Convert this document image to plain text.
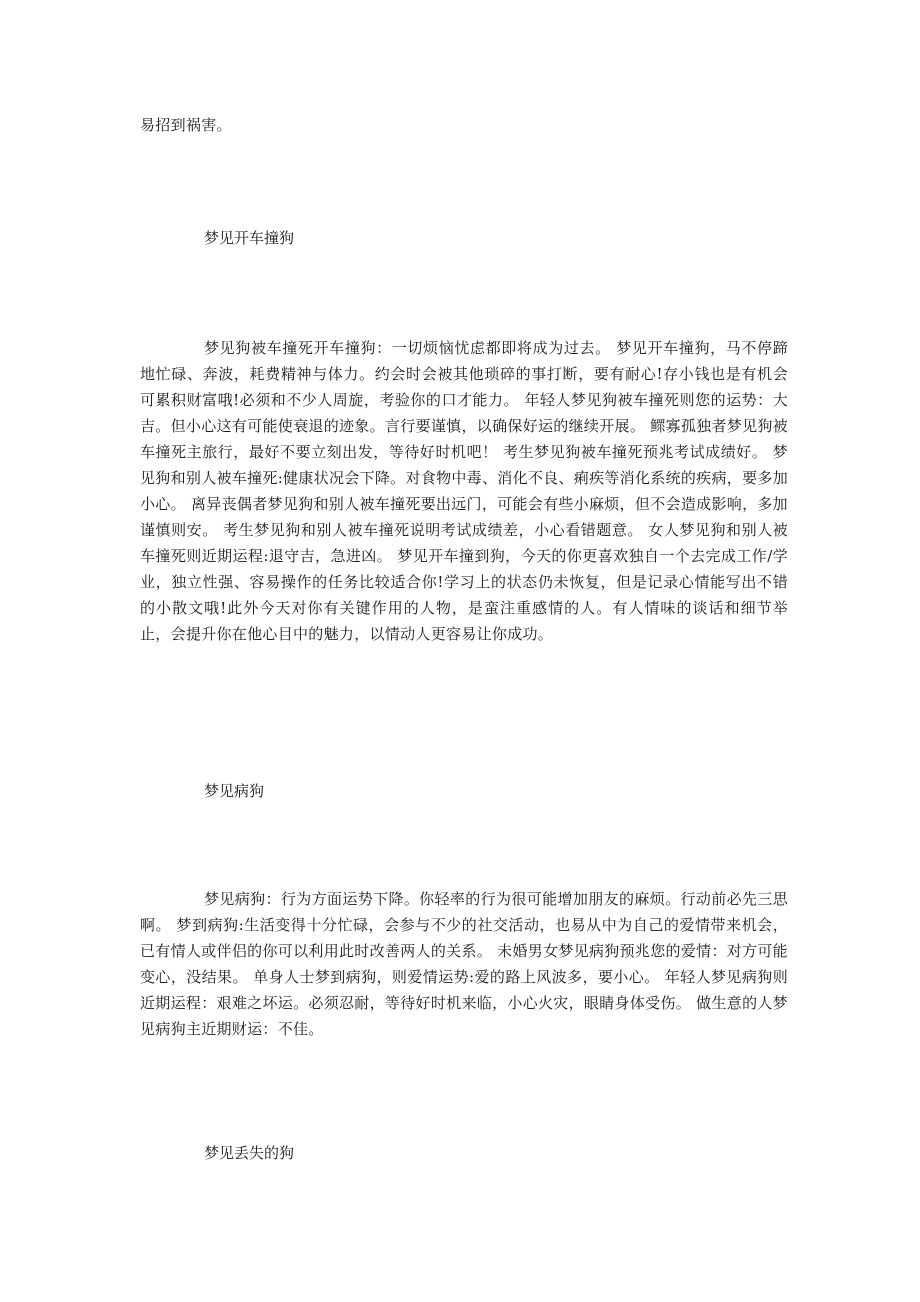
易招到祸害。

梦见开车撞狗

梦见狗被车撞死开车撞狗：一切烦恼忧虑都即将成为过去。 梦见开车撞狗，马不停蹄地忙碌、奔波，耗费精神与体力。约会时会被其他琐碎的事打断，要有耐心!存小钱也是有机会可累积财富哦!必须和不少人周旋，考验你的口才能力。 年轻人梦见狗被车撞死则您的运势：大吉。但小心这有可能使衰退的迹象。言行要谨慎，以确保好运的继续开展。 鳏寡孤独者梦见狗被车撞死主旅行，最好不要立刻出发，等待好时机吧！ 考生梦见狗被车撞死预兆考试成绩好。 梦见狗和别人被车撞死:健康状况会下降。对食物中毒、消化不良、痢疾等消化系统的疾病，要多加小心。 离异丧偶者梦见狗和别人被车撞死要出远门，可能会有些小麻烦，但不会造成影响，多加谨慎则安。 考生梦见狗和别人被车撞死说明考试成绩差，小心看错题意。 女人梦见狗和别人被车撞死则近期运程:退守吉，急进凶。 梦见开车撞到狗，今天的你更喜欢独自一个去完成工作/学业，独立性强、容易操作的任务比较适合你!学习上的状态仍未恢复，但是记录心情能写出不错的小散文哦!此外今天对你有关键作用的人物，是蛮注重感情的人。有人情味的谈话和细节举止，会提升你在他心目中的魅力，以情动人更容易让你成功。

梦见病狗

梦见病狗：行为方面运势下降。你轻率的行为很可能增加朋友的麻烦。行动前必先三思啊。 梦到病狗:生活变得十分忙碌，会参与不少的社交活动，也易从中为自己的爱情带来机会， 已有情人或伴侣的你可以利用此时改善两人的关系。 未婚男女梦见病狗预兆您的爱情：对方可能变心，没结果。 单身人士梦到病狗，则爱情运势:爱的路上风波多，要小心。 年轻人梦见病狗则近期运程：艰难之坏运。必须忍耐，等待好时机来临，小心火灾，眼睛身体受伤。 做生意的人梦见病狗主近期财运：不佳。

梦见丢失的狗
